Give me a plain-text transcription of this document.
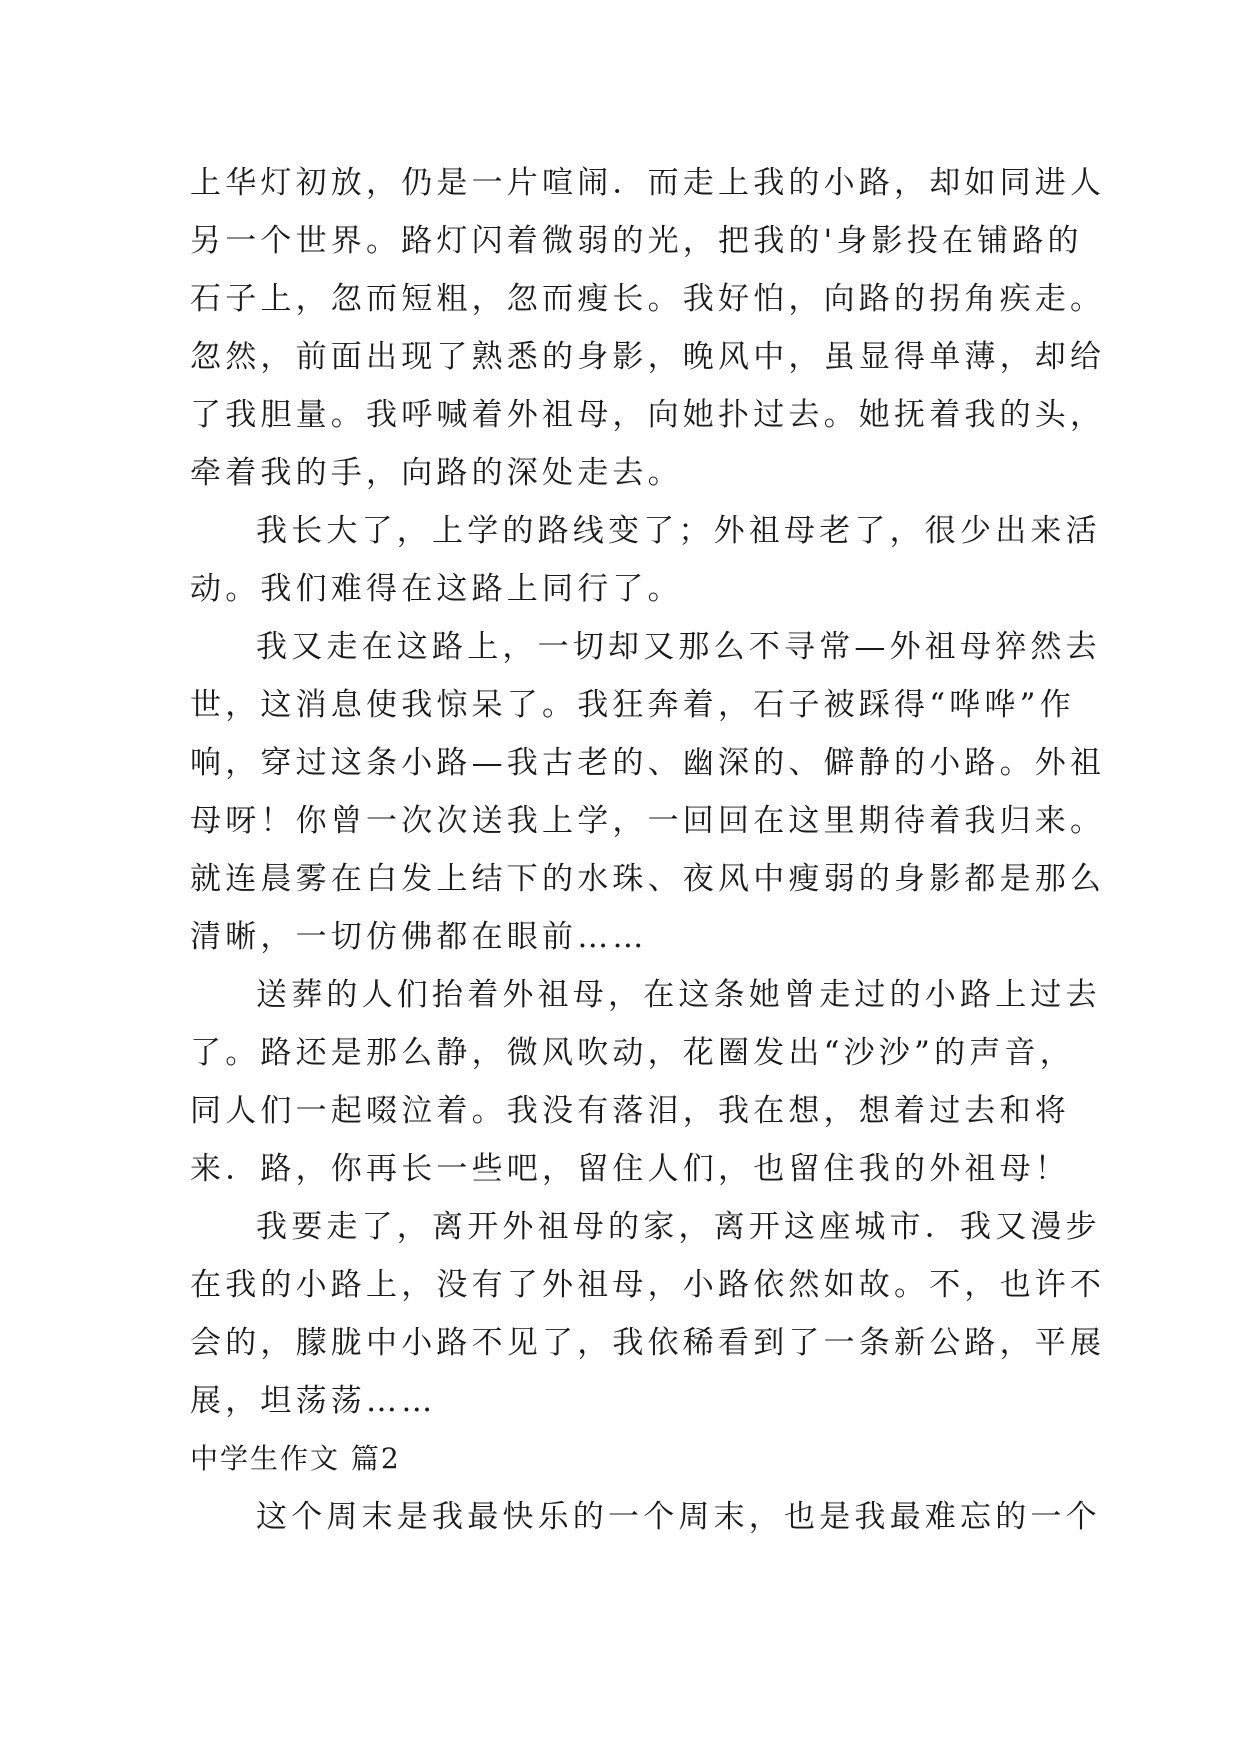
上华灯初放，仍是一片喧闹．而走上我的小路，却如同进人
另一个世界。路灯闪着微弱的光，把我的'身影投在铺路的
石子上，忽而短粗，忽而瘦长。我好怕，向路的拐角疾走。
忽然，前面出现了熟悉的身影，晚风中，虽显得单薄，却给
了我胆量。我呼喊着外祖母，向她扑过去。她抚着我的头，
牵着我的手，向路的深处走去。
我长大了，上学的路线变了；外祖母老了，很少出来活
动。我们难得在这路上同行了。
我又走在这路上，一切却又那么不寻常—外祖母猝然去
世，这消息使我惊呆了。我狂奔着，石子被踩得“哗哗”作
响，穿过这条小路—我古老的、幽深的、僻静的小路。外祖
母呀！你曾一次次送我上学，一回回在这里期待着我归来。
就连晨雾在白发上结下的水珠、夜风中瘦弱的身影都是那么
清晰，一切仿佛都在眼前……
送葬的人们抬着外祖母，在这条她曾走过的小路上过去
了。路还是那么静，微风吹动，花圈发出“沙沙”的声音，
同人们一起啜泣着。我没有落泪，我在想，想着过去和将
来．路，你再长一些吧，留住人们，也留住我的外祖母！
我要走了，离开外祖母的家，离开这座城市．我又漫步
在我的小路上，没有了外祖母，小路依然如故。不，也许不
会的，朦胧中小路不见了，我依稀看到了一条新公路，平展
展，坦荡荡……
中学生作文 篇2
这个周末是我最快乐的一个周末，也是我最难忘的一个
